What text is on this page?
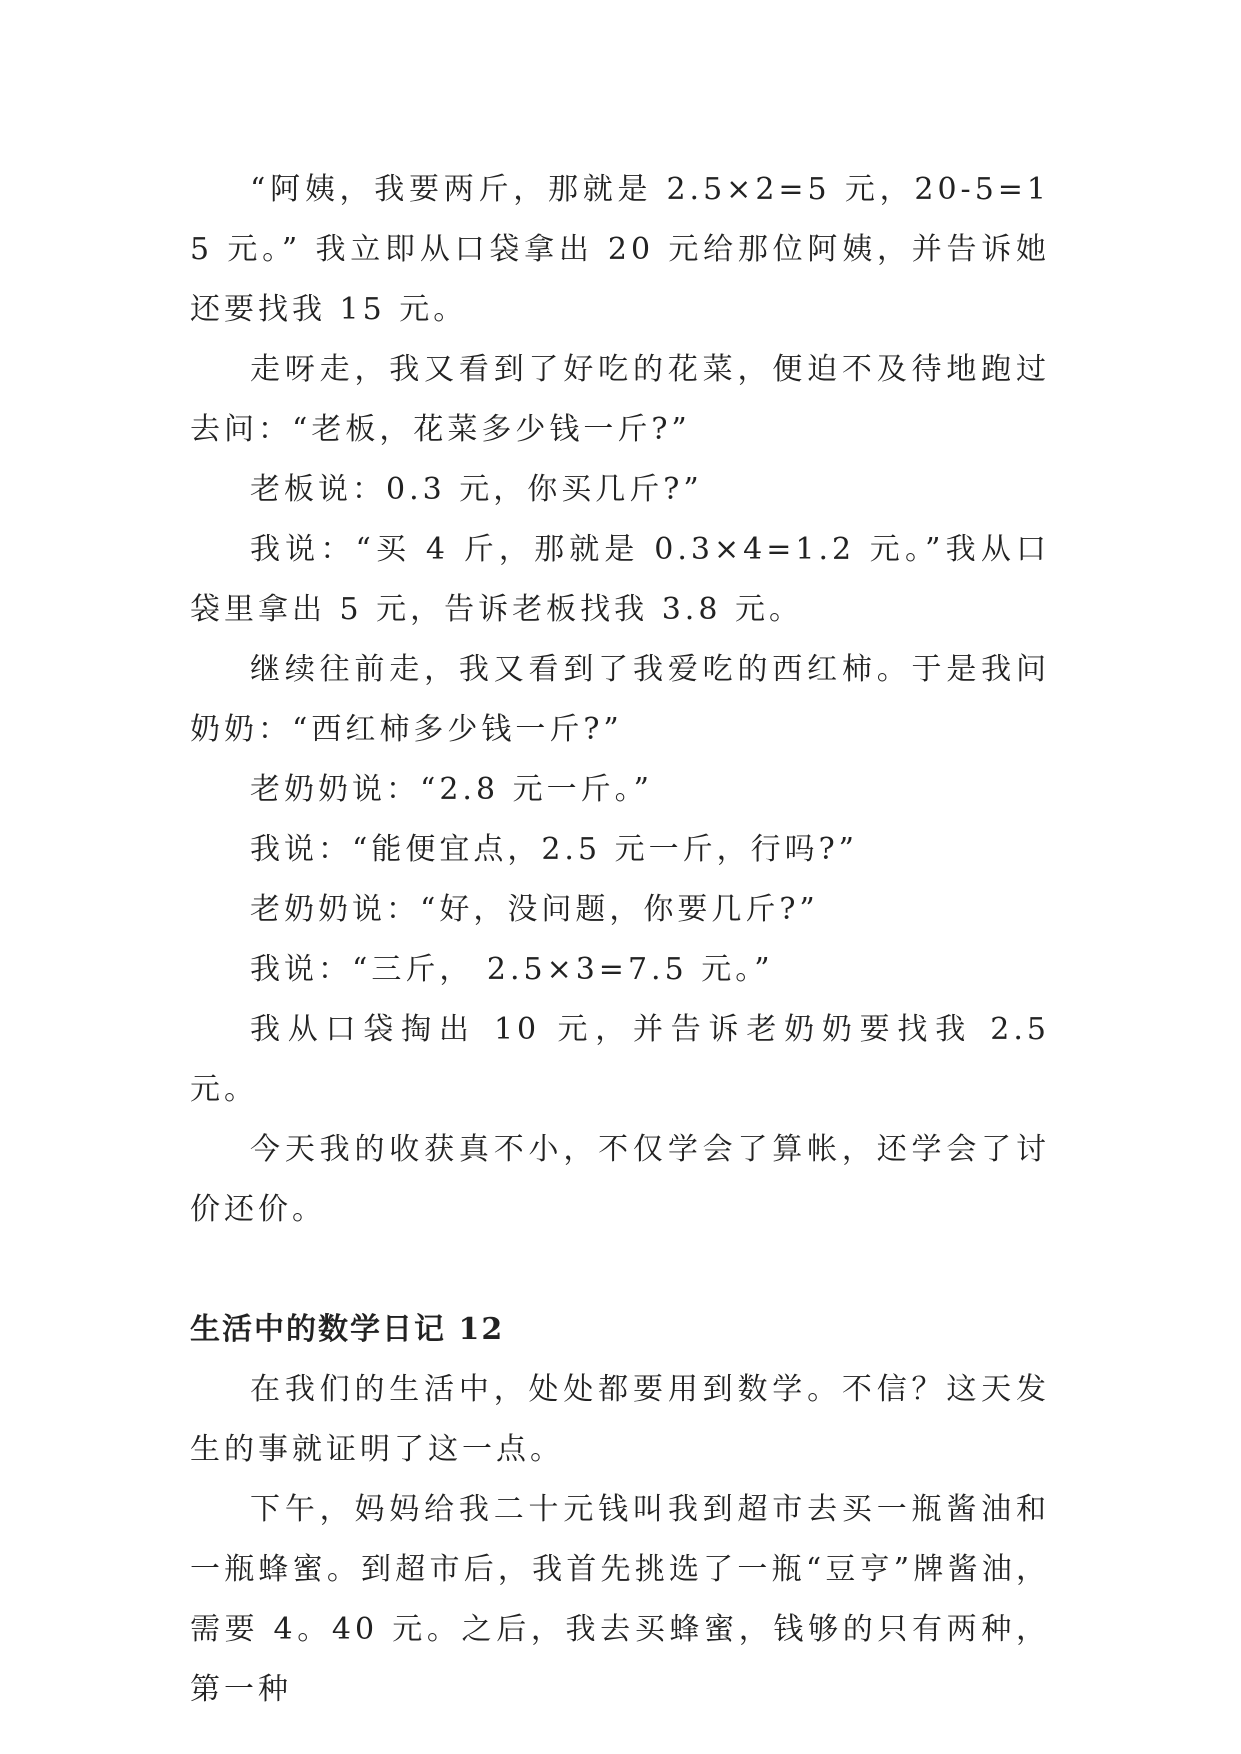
“阿姨，我要两斤，那就是 2.5×2=5 元，20-5=15 元。” 我立即从口袋拿出 20 元给那位阿姨，并告诉她还要找我 15 元。

走呀走，我又看到了好吃的花菜，便迫不及待地跑过去问：“老板，花菜多少钱一斤?”

老板说：0.3 元，你买几斤?”

我说：“买 4 斤，那就是 0.3×4=1.2 元。”我从口袋里拿出 5 元，告诉老板找我 3.8 元。

继续往前走，我又看到了我爱吃的西红柿。于是我问奶奶：“西红柿多少钱一斤?”

老奶奶说：“2.8 元一斤。”

我说：“能便宜点，2.5 元一斤，行吗?”

老奶奶说：“好，没问题，你要几斤?”

我说：“三斤， 2.5×3=7.5 元。”

我从口袋掏出 10 元，并告诉老奶奶要找我 2.5 元。

今天我的收获真不小，不仅学会了算帐，还学会了讨价还价。

生活中的数学日记 12

在我们的生活中，处处都要用到数学。不信？这天发生的事就证明了这一点。

下午，妈妈给我二十元钱叫我到超市去买一瓶酱油和一瓶蜂蜜。到超市后，我首先挑选了一瓶“豆亨”牌酱油，需要 4。40 元。之后，我去买蜂蜜，钱够的只有两种，第一种
